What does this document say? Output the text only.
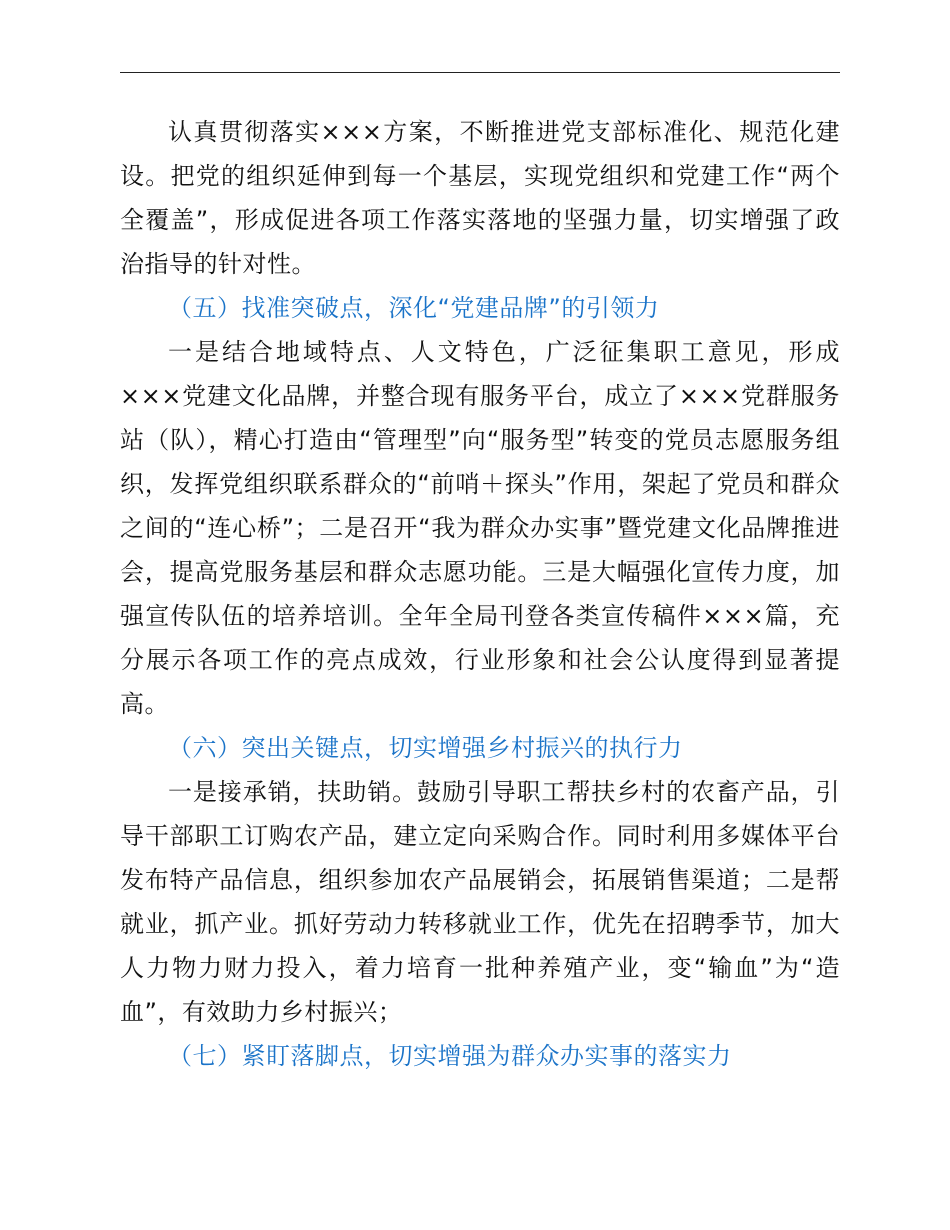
认真贯彻落实×××方案，不断推进党支部标准化、规范化建设。把党的组织延伸到每一个基层，实现党组织和党建工作“两个全覆盖”，形成促进各项工作落实落地的坚强力量，切实增强了政治指导的针对性。

（五）找准突破点，深化“党建品牌”的引领力

一是结合地域特点、人文特色，广泛征集职工意见，形成×××党建文化品牌，并整合现有服务平台，成立了×××党群服务站（队），精心打造由“管理型”向“服务型”转变的党员志愿服务组织，发挥党组织联系群众的“前哨＋探头”作用，架起了党员和群众之间的“连心桥”；二是召开“我为群众办实事”暨党建文化品牌推进会，提高党服务基层和群众志愿功能。三是大幅强化宣传力度，加强宣传队伍的培养培训。全年全局刊登各类宣传稿件×××篇，充分展示各项工作的亮点成效，行业形象和社会公认度得到显著提高。

（六）突出关键点，切实增强乡村振兴的执行力

一是接承销，扶助销。鼓励引导职工帮扶乡村的农畜产品，引导干部职工订购农产品，建立定向采购合作。同时利用多媒体平台发布特产品信息，组织参加农产品展销会，拓展销售渠道；二是帮就业，抓产业。抓好劳动力转移就业工作，优先在招聘季节，加大人力物力财力投入，着力培育一批种养殖产业，变“输血”为“造血”，有效助力乡村振兴；

（七）紧盯落脚点，切实增强为群众办实事的落实力
